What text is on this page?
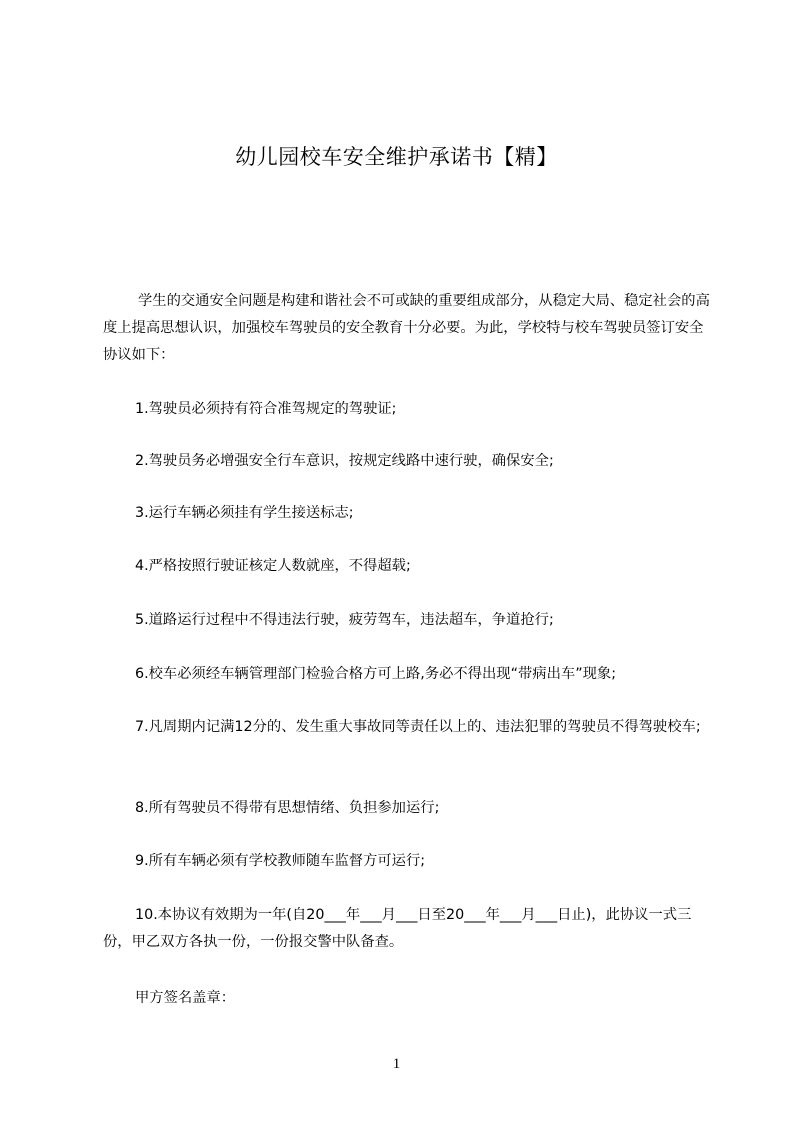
幼儿园校车安全维护承诺书【精】

学生的交通安全问题是构建和谐社会不可或缺的重要组成部分，从稳定大局、稳定社会的高度上提高思想认识，加强校车驾驶员的安全教育十分必要。为此，学校特与校车驾驶员签订安全协议如下：

1.驾驶员必须持有符合准驾规定的驾驶证;

2.驾驶员务必增强安全行车意识，按规定线路中速行驶，确保安全;

3.运行车辆必须挂有学生接送标志;

4.严格按照行驶证核定人数就座，不得超载;

5.道路运行过程中不得违法行驶，疲劳驾车，违法超车，争道抢行;

6.校车必须经车辆管理部门检验合格方可上路,务必不得出现“带病出车”现象;

7.凡周期内记满12分的、发生重大事故同等责任以上的、违法犯罪的驾驶员不得驾驶校车;

8.所有驾驶员不得带有思想情绪、负担参加运行;

9.所有车辆必须有学校教师随车监督方可运行;

10.本协议有效期为一年(自20___年___月___日至20___年___月___日止)，此协议一式三份，甲乙双方各执一份，一份报交警中队备查。

甲方签名盖章：

1
